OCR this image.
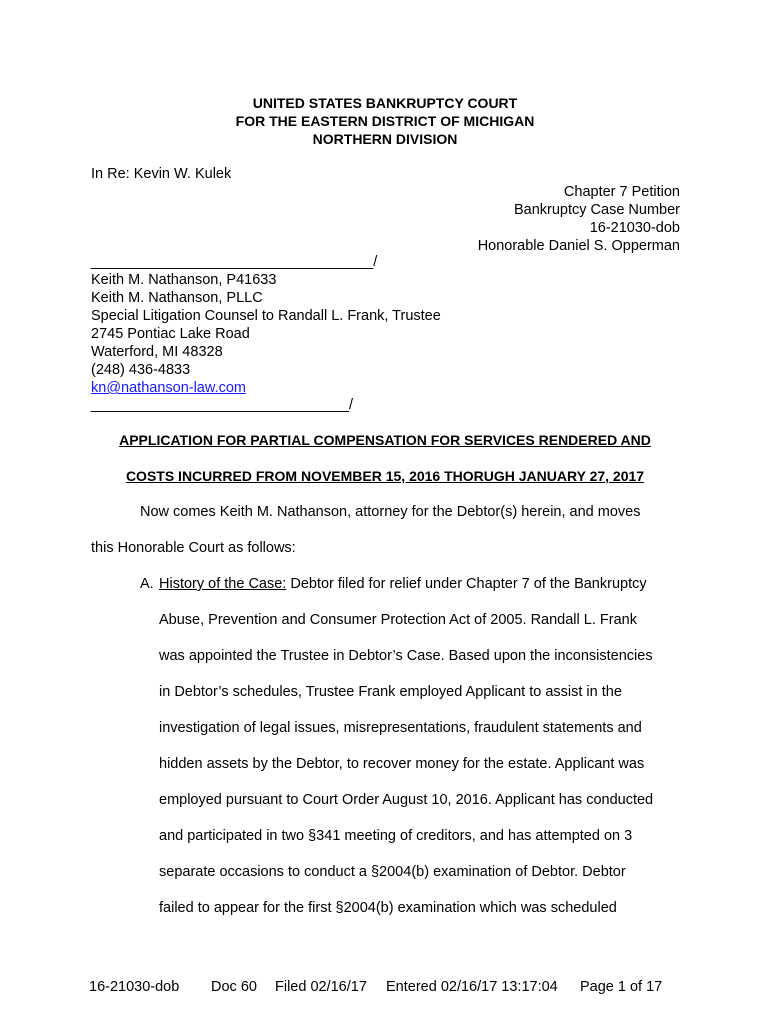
UNITED STATES BANKRUPTCY COURT
FOR THE EASTERN DISTRICT OF MICHIGAN
NORTHERN DIVISION
In Re: Kevin W. Kulek
Chapter 7 Petition
Bankruptcy Case Number
16-21030-dob
Honorable Daniel S. Opperman
___________________________________/
Keith M. Nathanson, P41633
Keith M. Nathanson, PLLC
Special Litigation Counsel to Randall L. Frank, Trustee
2745 Pontiac Lake Road
Waterford, MI 48328
(248) 436-4833
kn@nathanson-law.com
________________________________/
APPLICATION FOR PARTIAL COMPENSATION FOR SERVICES RENDERED AND
COSTS INCURRED FROM NOVEMBER 15, 2016 THORUGH JANUARY 27, 2017
Now comes Keith M. Nathanson, attorney for the Debtor(s) herein, and moves
this Honorable Court as follows:
A. History of the Case: Debtor filed for relief under Chapter 7 of the Bankruptcy
Abuse, Prevention and Consumer Protection Act of 2005. Randall L. Frank
was appointed the Trustee in Debtor’s Case. Based upon the inconsistencies
in Debtor’s schedules, Trustee Frank employed Applicant to assist in the
investigation of legal issues, misrepresentations, fraudulent statements and
hidden assets by the Debtor, to recover money for the estate. Applicant was
employed pursuant to Court Order August 10, 2016. Applicant has conducted
and participated in two §341 meeting of creditors, and has attempted on 3
separate occasions to conduct a §2004(b) examination of Debtor. Debtor
failed to appear for the first §2004(b) examination which was scheduled
16-21030-dob Doc 60 Filed 02/16/17 Entered 02/16/17 13:17:04 Page 1 of 17
